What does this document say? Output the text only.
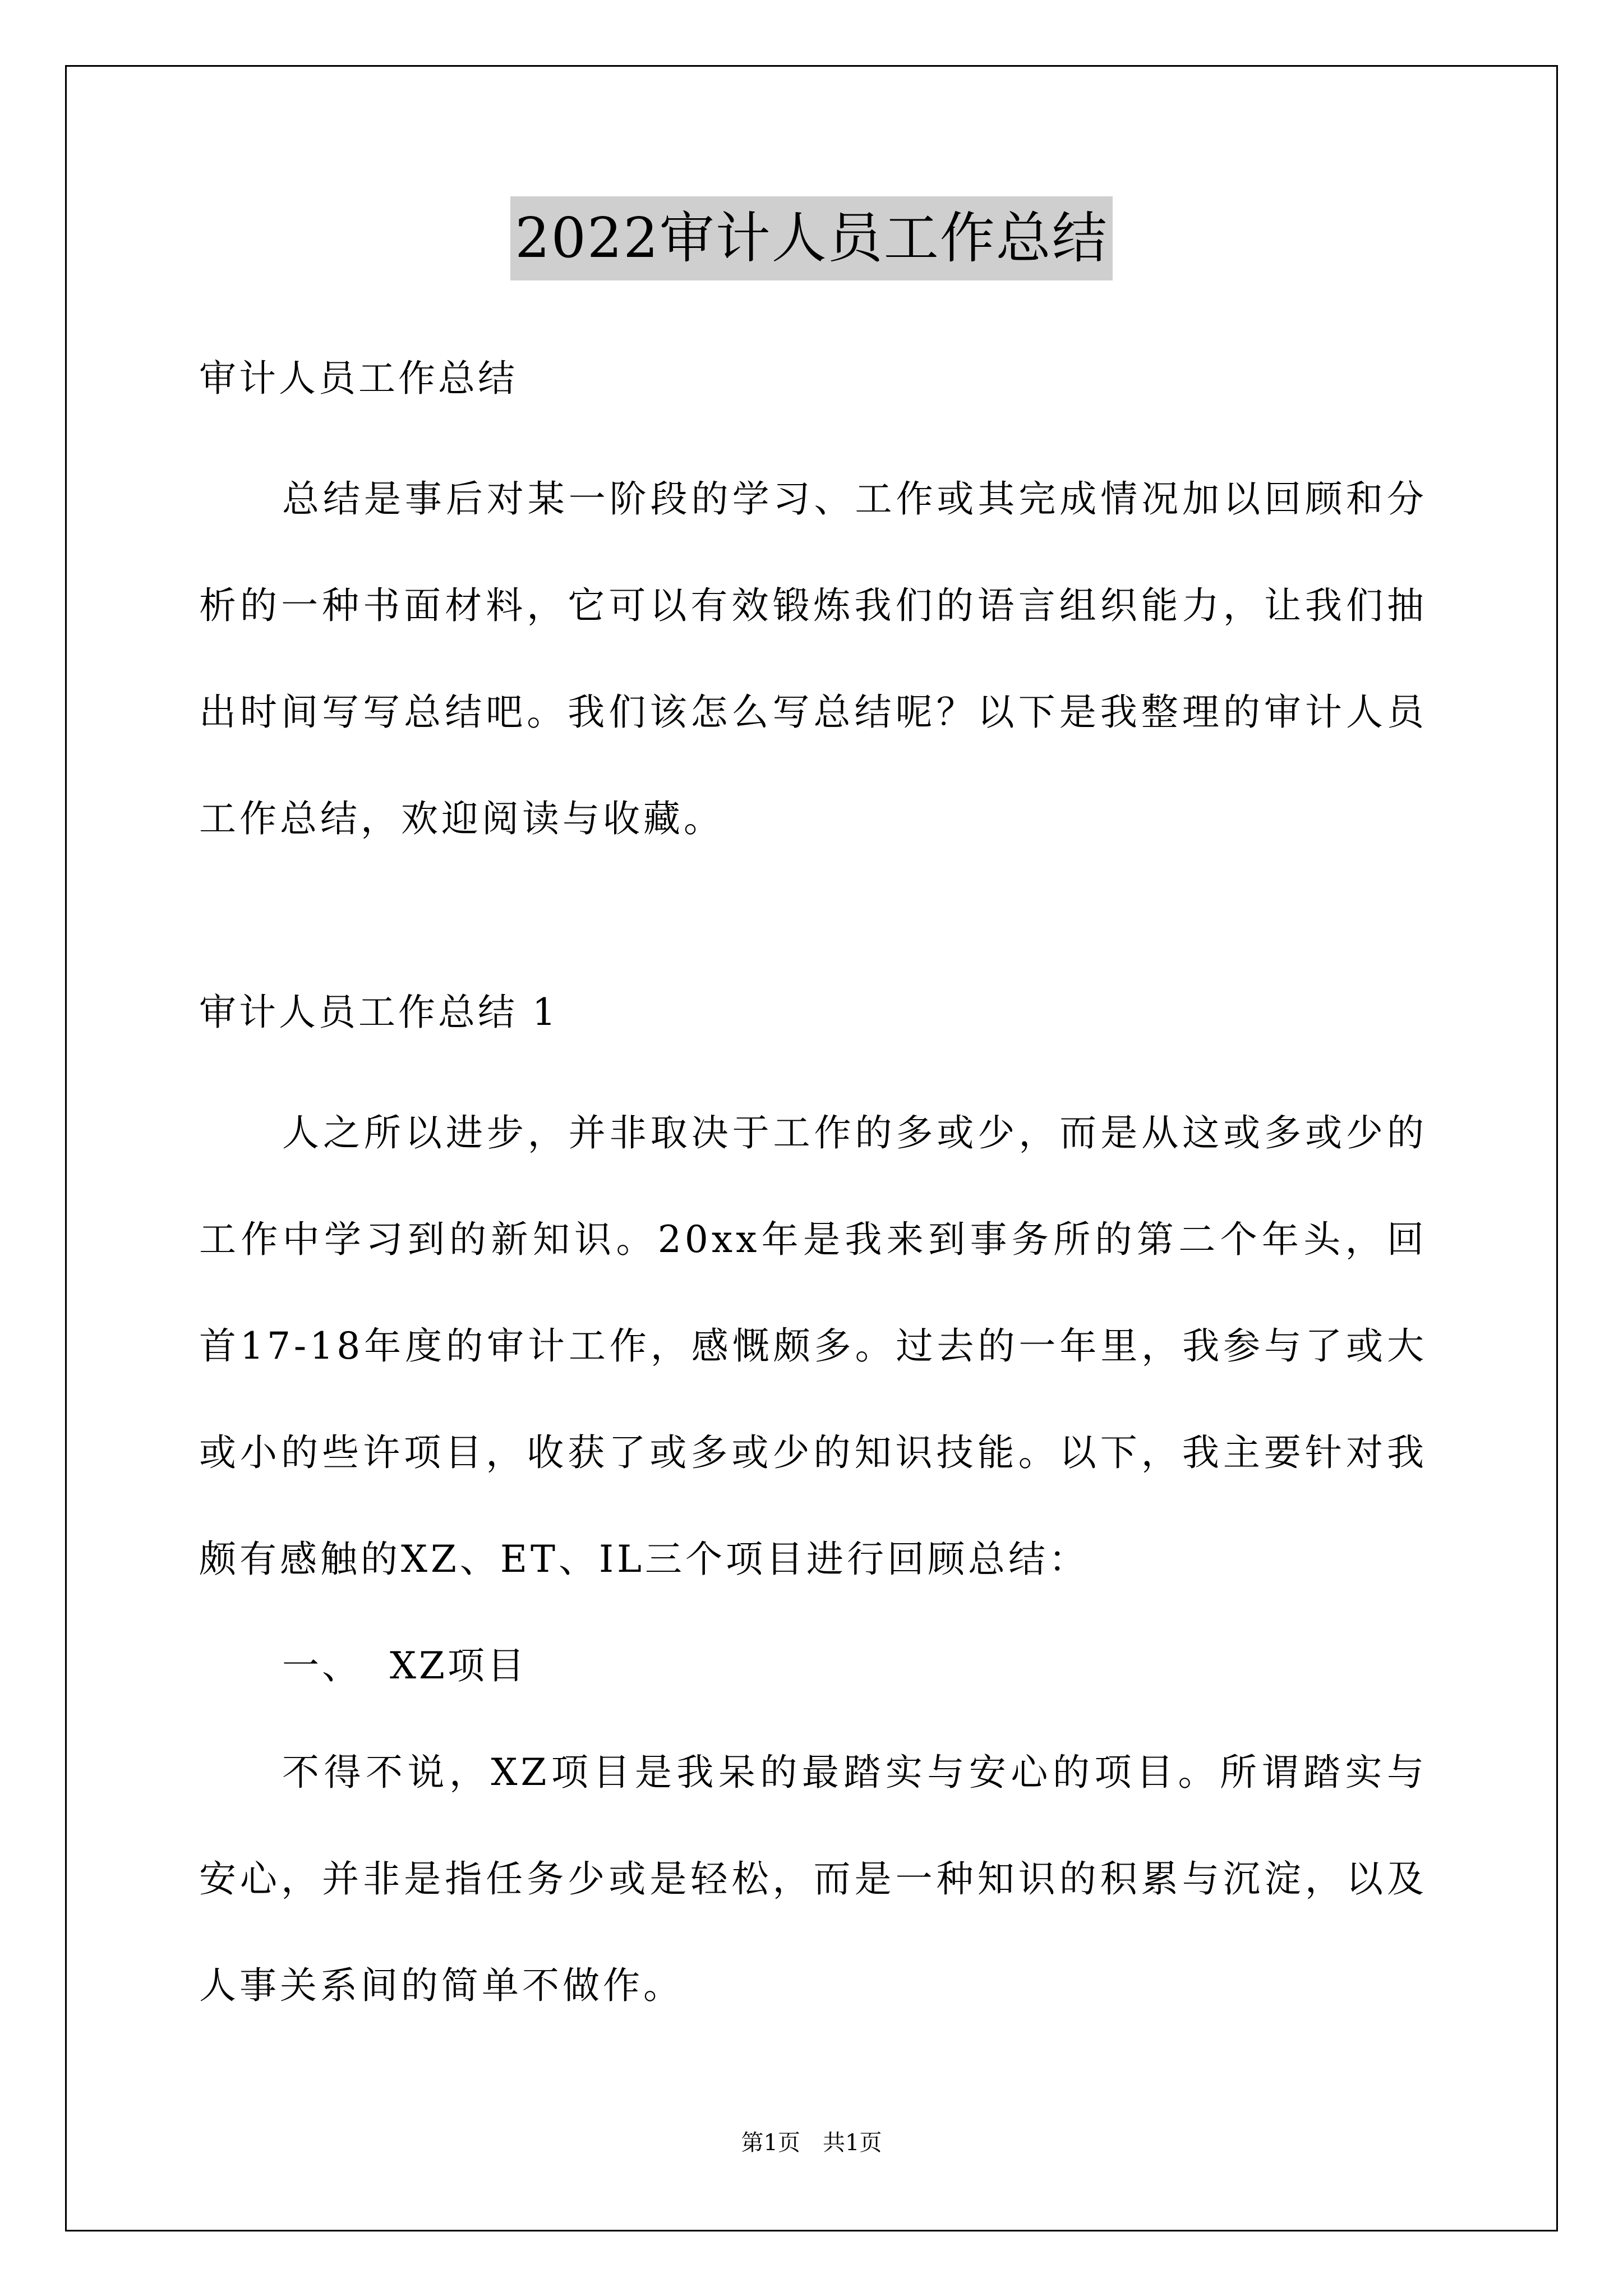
2022审计人员工作总结

审计人员工作总结

总结是事后对某一阶段的学习、工作或其完成情况加以回顾和分析的一种书面材料，它可以有效锻炼我们的语言组织能力，让我们抽出时间写写总结吧。我们该怎么写总结呢？以下是我整理的审计人员工作总结，欢迎阅读与收藏。

审计人员工作总结 1

人之所以进步，并非取决于工作的多或少，而是从这或多或少的工作中学习到的新知识。20xx年是我来到事务所的第二个年头，回首17-18年度的审计工作，感慨颇多。过去的一年里，我参与了或大或小的些许项目，收获了或多或少的知识技能。以下，我主要针对我颇有感触的XZ、ET、IL三个项目进行回顾总结：

一、 XZ项目

不得不说，XZ项目是我呆的最踏实与安心的项目。所谓踏实与安心，并非是指任务少或是轻松，而是一种知识的积累与沉淀，以及人事关系间的简单不做作。

第1页　共1页
